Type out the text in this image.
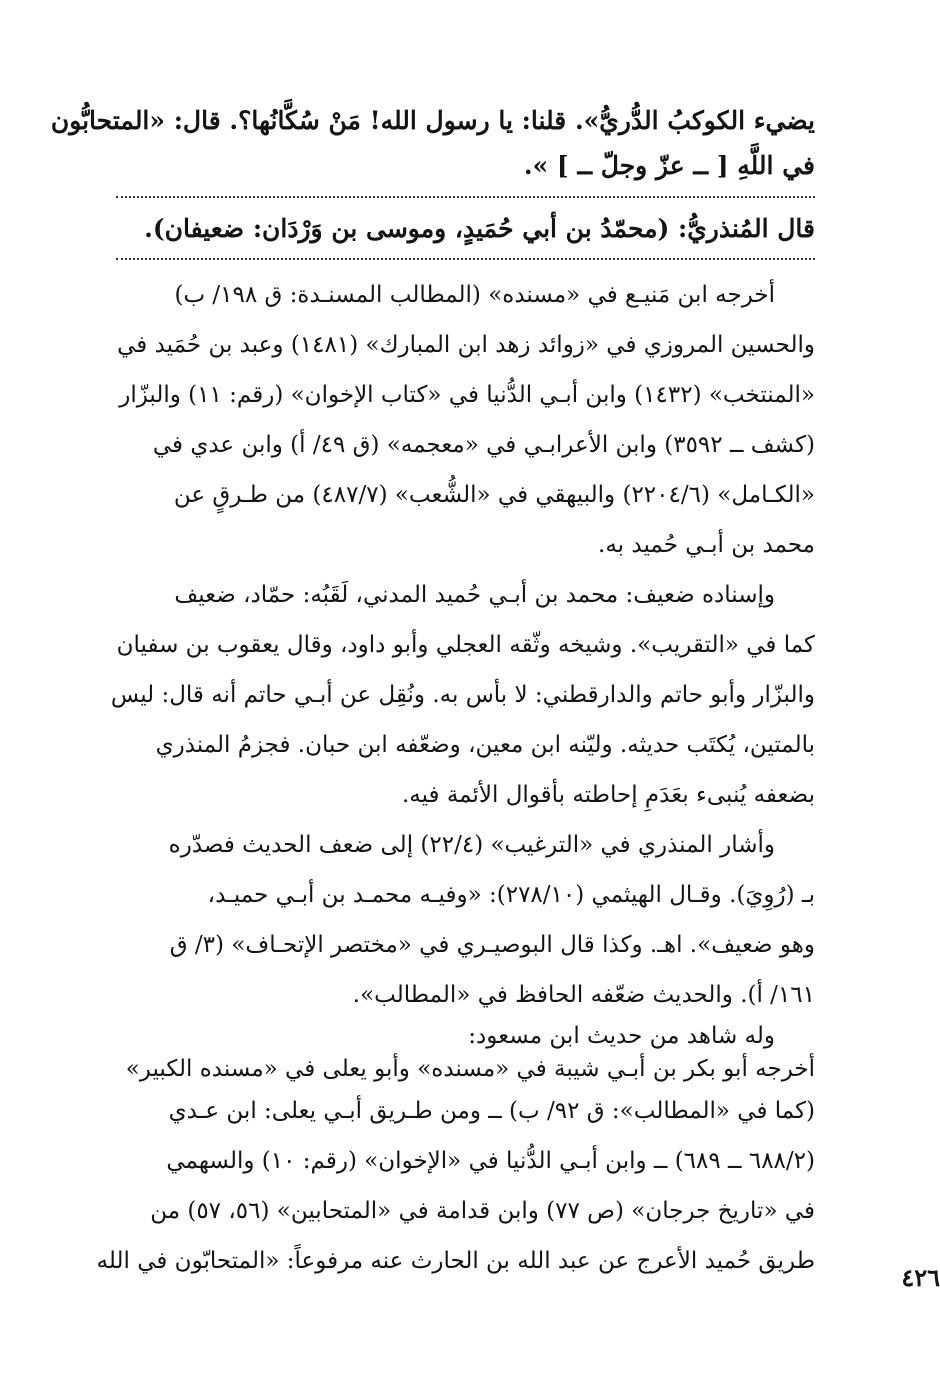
يضيء الكوكبُ الدُّريُّ». قلنا: يا رسول الله! مَنْ سُكَّانُها؟. قال: «المتحابُّون
في اللَّهِ [ ــ عزّ وجلّ ــ ] ».
قال المُنذريُّ: (محمّدُ بن أبي حُمَيدٍ، وموسى بن وَرْدَان: ضعيفان).
أخرجه ابن مَنيـع في «مسنده» (المطالب المسنـدة: ق ١٩٨/ ب)
والحسين المروزي في «زوائد زهد ابن المبارك» (١٤٨١) وعبد بن حُمَيد في
«المنتخب» (١٤٣٢) وابن أبـي الدُّنيا في «كتاب الإخوان» (رقم: ١١) والبزّار
(كشف ــ ٣٥٩٢) وابن الأعرابـي في «معجمه» (ق ٤٩/ أ) وابن عدي في
«الكـامل» (٢٢٠٤/٦) والبيهقي في «الشُّعب» (٤٨٧/٧) من طـرقٍ عن
محمد بن أبـي حُميد به.
وإسناده ضعيف: محمد بن أبـي حُميد المدني، لَقَبُه: حمّاد، ضعيف
كما في «التقريب». وشيخه وثّقه العجلي وأبو داود، وقال يعقوب بن سفيان
والبزّار وأبو حاتم والدارقطني: لا بأس به. ونُقِل عن أبـي حاتم أنه قال: ليس
بالمتين، يُكتَب حديثه. وليّنه ابن معين، وضعّفه ابن حبان. فجزمُ المنذري
بضعفه يُنبىء بعَدَمِ إحاطته بأقوال الأئمة فيه.
وأشار المنذري في «الترغيب» (٢٢/٤) إلى ضعف الحديث فصدّره
بـ (رُوِيَ). وقـال الهيثمي (٢٧٨/١٠): «وفيـه محمـد بن أبـي حميـد،
وهو ضعيف». اهـ. وكذا قال البوصيـري في «مختصر الإتحـاف» (٣/ ق
١٦١/ أ). والحديث ضعّفه الحافظ في «المطالب».
وله شاهد من حديث ابن مسعود:
أخرجه أبو بكر بن أبـي شيبة في «مسنده» وأبو يعلى في «مسنده الكبير»
(كما في «المطالب»: ق ٩٢/ ب) ــ ومن طـريق أبـي يعلى: ابن عـدي
(٦٨٨/٢ ــ ٦٨٩) ــ وابن أبـي الدُّنيا في «الإخوان» (رقم: ١٠) والسهمي
في «تاريخ جرجان» (ص ٧٧) وابن قدامة في «المتحابين» (٥٦، ٥٧) من
طريق حُميد الأعرج عن عبد الله بن الحارث عنه مرفوعاً: «المتحابّون في الله
٤٢٦
